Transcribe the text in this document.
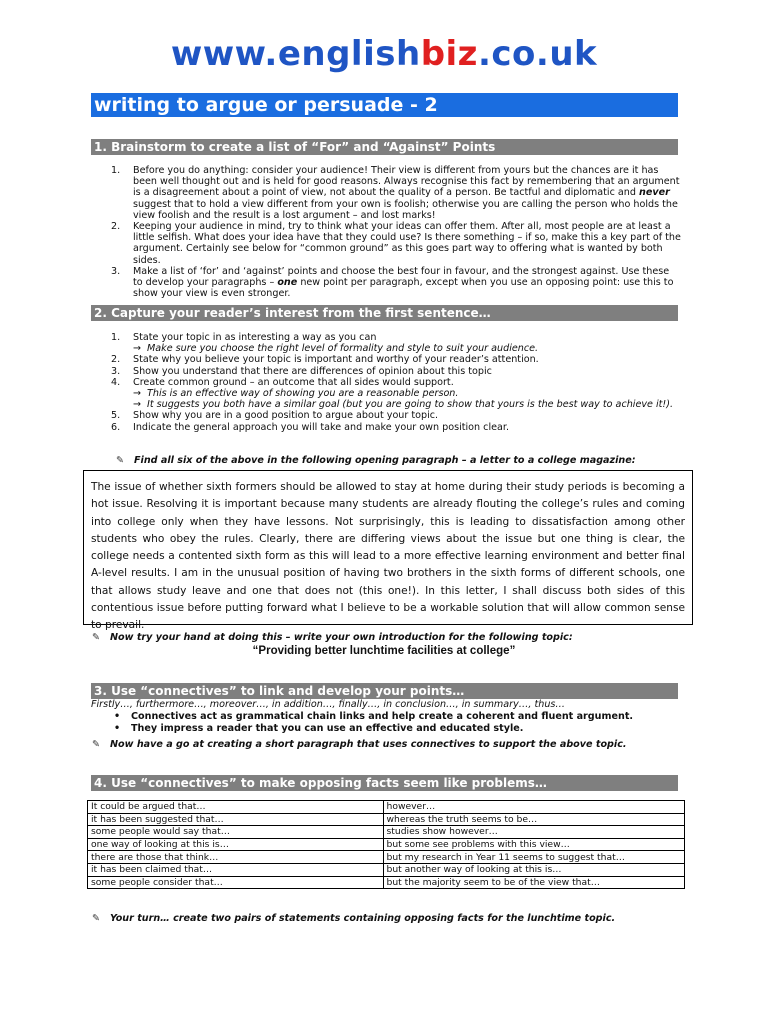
www.englishbiz.co.uk
writing to argue or persuade - 2
1. Brainstorm to create a list of “For” and “Against” Points
1. Before you do anything: consider your audience! Their view is different from yours but the chances are it has been well thought out and is held for good reasons. Always recognise this fact by remembering that an argument is a disagreement about a point of view, not about the quality of a person. Be tactful and diplomatic and never suggest that to hold a view different from your own is foolish; otherwise you are calling the person who holds the view foolish and the result is a lost argument – and lost marks!
2. Keeping your audience in mind, try to think what your ideas can offer them. After all, most people are at least a little selfish. What does your idea have that they could use? Is there something – if so, make this a key part of the argument. Certainly see below for “common ground” as this goes part way to offering what is wanted by both sides.
3. Make a list of ‘for’ and ‘against’ points and choose the best four in favour, and the strongest against. Use these to develop your paragraphs – one new point per paragraph, except when you use an opposing point: use this to show your view is even stronger.
2. Capture your reader’s interest from the first sentence…
1. State your topic in as interesting a way as you can
→ Make sure you choose the right level of formality and style to suit your audience.
2. State why you believe your topic is important and worthy of your reader’s attention.
3. Show you understand that there are differences of opinion about this topic
4. Create common ground – an outcome that all sides would support.
→ This is an effective way of showing you are a reasonable person.
→ It suggests you both have a similar goal (but you are going to show that yours is the best way to achieve it!).
5. Show why you are in a good position to argue about your topic.
6. Indicate the general approach you will take and make your own position clear.
✎ Find all six of the above in the following opening paragraph – a letter to a college magazine:
The issue of whether sixth formers should be allowed to stay at home during their study periods is becoming a hot issue. Resolving it is important because many students are already flouting the college’s rules and coming into college only when they have lessons. Not surprisingly, this is leading to dissatisfaction among other students who obey the rules. Clearly, there are differing views about the issue but one thing is clear, the college needs a contented sixth form as this will lead to a more effective learning environment and better final A-level results. I am in the unusual position of having two brothers in the sixth forms of different schools, one that allows study leave and one that does not (this one!). In this letter, I shall discuss both sides of this contentious issue before putting forward what I believe to be a workable solution that will allow common sense to prevail.
✎ Now try your hand at doing this – write your own introduction for the following topic:
“Providing better lunchtime facilities at college”
3. Use “connectives” to link and develop your points…
Firstly…, furthermore…, moreover…, in addition…, finally…, in conclusion…, in summary…, thus…
• Connectives act as grammatical chain links and help create a coherent and fluent argument.
• They impress a reader that you can use an effective and educated style.
✎ Now have a go at creating a short paragraph that uses connectives to support the above topic.
4. Use “connectives” to make opposing facts seem like problems…
It could be argued that…	however…
it has been suggested that…	whereas the truth seems to be…
some people would say that…	studies show however…
one way of looking at this is…	but some see problems with this view…
there are those that think…	but my research in Year 11 seems to suggest that…
it has been claimed that…	but another way of looking at this is…
some people consider that…	but the majority seem to be of the view that…
✎ Your turn… create two pairs of statements containing opposing facts for the lunchtime topic.
